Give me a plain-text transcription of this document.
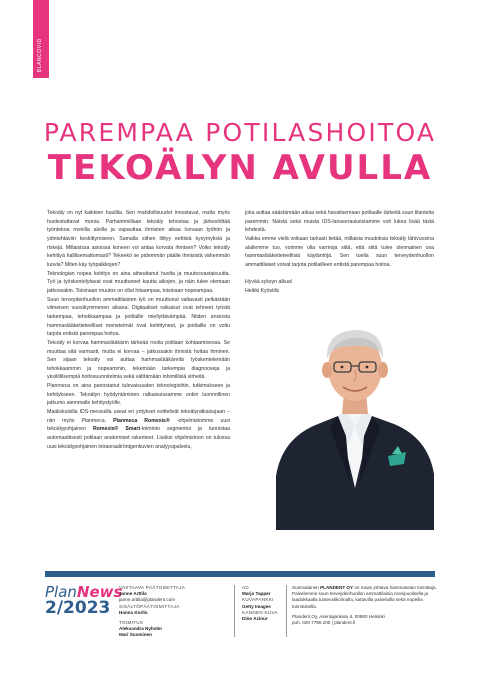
BLANCOVID
PAREMPAA POTILASHOITOA
TEKOÄLYN AVULLA

Tekoäly on nyt kaikkien huulilla. Sen mahdollisuudet innostavat, mutta myös huolestuttavat monia. Parhaimmillaan tekoäly tehostaa ja järkevöittää työntekoa monilla aloilla ja vapauttaa ihmisten aikaa luovaan työhön ja ydintehtäviin keskittymiseen. Samalla siihen liittyy eettisiä kysymyksiä ja riskejä. Millaisissa asioissa koneen voi antaa korvata ihmisen? Voiko tekoäly kehittyä hallitsemattomasti? Tekeekö se pidemmän päälle ihmisistä vähemmän luovia? Miten käy työpaikkojen?

Teknologian nopea kehitys on aina aiheuttanut huolta ja muutosvastaisuutta. Työ ja työskentelytavat ovat muuttuneet kautta aikojen, ja näin tulee olemaan jatkossakin. Toisinaan muutos on ollut hitaampaa, toisinaan nopeampaa.

Suun terveydenhuollon ammattilaisten työ on muuttunut valtavasti pelkästään viimeisen vuosikymmenen aikana. Digitaaliset ratkaisut ovat tehneet työstä tarkempaa, tehokkaampaa ja potilaille miellyttävämpää. Niiden ansiosta hammaslääketieteelliset menetelmät ovat kehittyneet, ja potilaille on voitu tarjota entistä parempaa hoitoa.

Tekoäly ei korvaa hammaslääkärin tärkeää roolia potilaan kohtaamisessa. Se muuttaa sitä varmasti, mutta ei korvaa – jatkossakin ihmistä hoitaa ihminen. Sen sijaan tekoäly voi auttaa hammaslääkäreitä työskentelemään tehokkaammin ja nopeammin, tekemään tarkempia diagnooseja ja yksilöllisempiä hoitosuunnitelmia sekä välttämään inhimillisiä virheitä.

Planmeca on aina panostanut tulevaisuuden teknologioihin, tutkimukseen ja kehitykseen. Tekoälyn hyödyntäminen ratkaisuissamme onkin luonnollinen jatkumo aiemmalle kehitystyölle.

Maaliskuisilla IDS-messuilla useat eri yritykset esittelivät tekoälyratkaisujaan – niin myös Planmeca. Planmeca Romexis® -ohjelmistomme uusi tekoälypohjainen Romexis® Smart-toiminto segmentoi ja tunnistaa automaattisesti potilaan anatomiset rakenteet. Lisäksi ohjelmistoon on tulossa uusi tekoälypohjainen intraoraaliröntgenkuvien analyysipalvelu,

joka auttaa säästämään aikaa sekä havaitsemaan potilaalle tärkeitä suun tilanteita paremmin. Näistä sekä muista IDS-lanseerauksistamme voit lukea lisää tästä lehdestä.

Vaikka emme vielä voikaan tarkasti tietää, millaisia muutoksia tekoäly lähivuosina alallemme tuo, voimme olla varmoja siitä, että siitä tulee olennainen osa hammaslääketieteellisiä käytäntöjä. Sen tuella suun terveydenhuollon ammattilaiset voivat tarjota potilailleen entistä parempaa hoitoa.

Hyvää syksyn alkua!

Heikki Kyöstilä

PlanNews
2/2023
VASTAAVA PÄÄTOIMITTAJA
Janne Arttila
janne.arttila@plandent.com
SISÄLTÖPÄÄTOIMITTAJA
Hanna Korlin
TOIMITUS
Aleksandra Nyholm
Mari Suominen
AD
Marjo Tapper
KUVAPANKKI
Getty Images
KANNEN KUVA
Dino Azinur

Suomalainen PLANDENT OY on maan johtava hammasalan toimittaja. Palvelemme suun terveydenhuollon ammattilaisia monipuolisella ja laadukkaalla tuotevalikoimalla, kattavilla palveluilla sekä nopeilla toimituksilla.

Plandent Oy, Asentajankatu 6, 00880 Helsinki
puh. 020 7795 200 | plandent.fi
